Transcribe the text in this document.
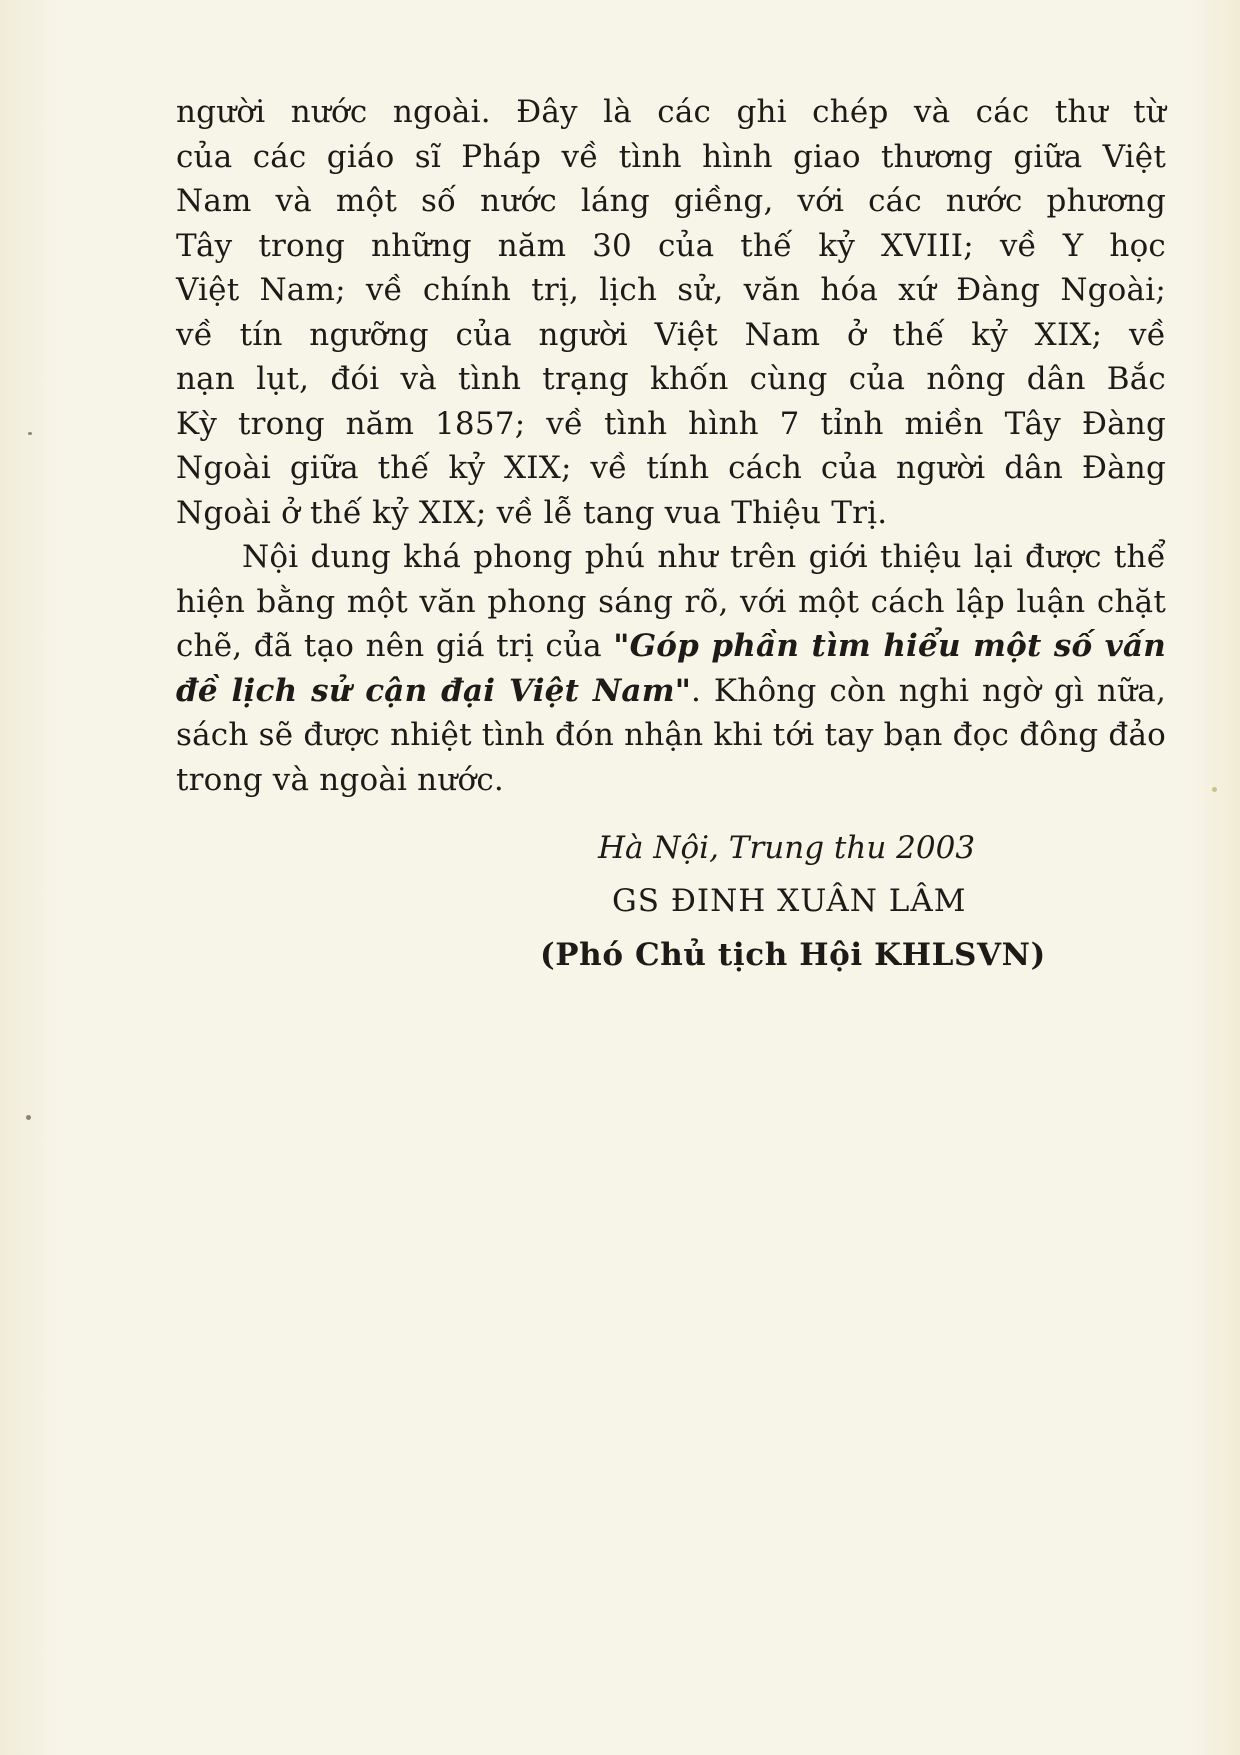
người nước ngoài. Đây là các ghi chép và các thư từ
của các giáo sĩ Pháp về tình hình giao thương giữa Việt
Nam và một số nước láng giềng, với các nước phương
Tây trong những năm 30 của thế kỷ XVIII; về Y học
Việt Nam; về chính trị, lịch sử, văn hóa xứ Đàng Ngoài;
về tín ngưỡng của người Việt Nam ở thế kỷ XIX; về
nạn lụt, đói và tình trạng khốn cùng của nông dân Bắc
Kỳ trong năm 1857; về tình hình 7 tỉnh miền Tây Đàng
Ngoài giữa thế kỷ XIX; về tính cách của người dân Đàng
Ngoài ở thế kỷ XIX; về lễ tang vua Thiệu Trị.

Nội dung khá phong phú như trên giới thiệu lại được thể hiện bằng một văn phong sáng rõ, với một cách lập luận chặt chẽ, đã tạo nên giá trị của "Góp phần tìm hiểu một số vấn đề lịch sử cận đại Việt Nam". Không còn nghi ngờ gì nữa, sách sẽ được nhiệt tình đón nhận khi tới tay bạn đọc đông đảo trong và ngoài nước.

Hà Nội, Trung thu 2003
GS ĐINH XUÂN LÂM
(Phó Chủ tịch Hội KHLSVN)
